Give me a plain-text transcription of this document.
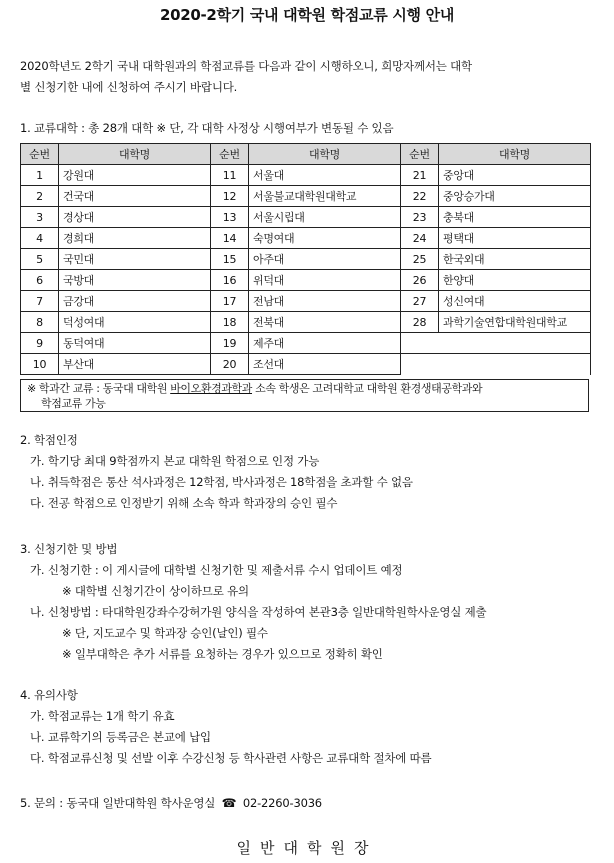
2020-2학기 국내 대학원 학점교류 시행 안내
2020학년도 2학기 국내 대학원과의 학점교류를 다음과 같이 시행하오니, 희망자께서는 대학
별 신청기한 내에 신청하여 주시기 바랍니다.
1. 교류대학 : 총 28개 대학 ※ 단, 각 대학 사정상 시행여부가 변동될 수 있음
순번	대학명	순번	대학명	순번	대학명
1	강원대	11	서울대	21	중앙대
2	건국대	12	서울불교대학원대학교	22	중앙승가대
3	경상대	13	서울시립대	23	충북대
4	경희대	14	숙명여대	24	평택대
5	국민대	15	아주대	25	한국외대
6	국방대	16	위덕대	26	한양대
7	금강대	17	전남대	27	성신여대
8	덕성여대	18	전북대	28	과학기술연합대학원대학교
9	동덕여대	19	제주대		
10	부산대	20	조선대		
※ 학과간 교류 : 동국대 대학원 바이오환경과학과 소속 학생은 고려대학교 대학원 환경생태공학과와
학점교류 가능
2. 학점인정
가. 학기당 최대 9학점까지 본교 대학원 학점으로 인정 가능
나. 취득학점은 통산 석사과정은 12학점, 박사과정은 18학점을 초과할 수 없음
다. 전공 학점으로 인정받기 위해 소속 학과 학과장의 승인 필수
3. 신청기한 및 방법
가. 신청기한 : 이 게시글에 대학별 신청기한 및 제출서류 수시 업데이트 예정
※ 대학별 신청기간이 상이하므로 유의
나. 신청방법 : 타대학원강좌수강허가원 양식을 작성하여 본관3층 일반대학원학사운영실 제출
※ 단, 지도교수 및 학과장 승인(날인) 필수
※ 일부대학은 추가 서류를 요청하는 경우가 있으므로 정확히 확인
4. 유의사항
가. 학점교류는 1개 학기 유효
나. 교류학기의 등록금은 본교에 납입
다. 학점교류신청 및 선발 이후 수강신청 등 학사관련 사항은 교류대학 절차에 따름
5. 문의 : 동국대 일반대학원 학사운영실 ☎ 02-2260-3036
일반대학원장
